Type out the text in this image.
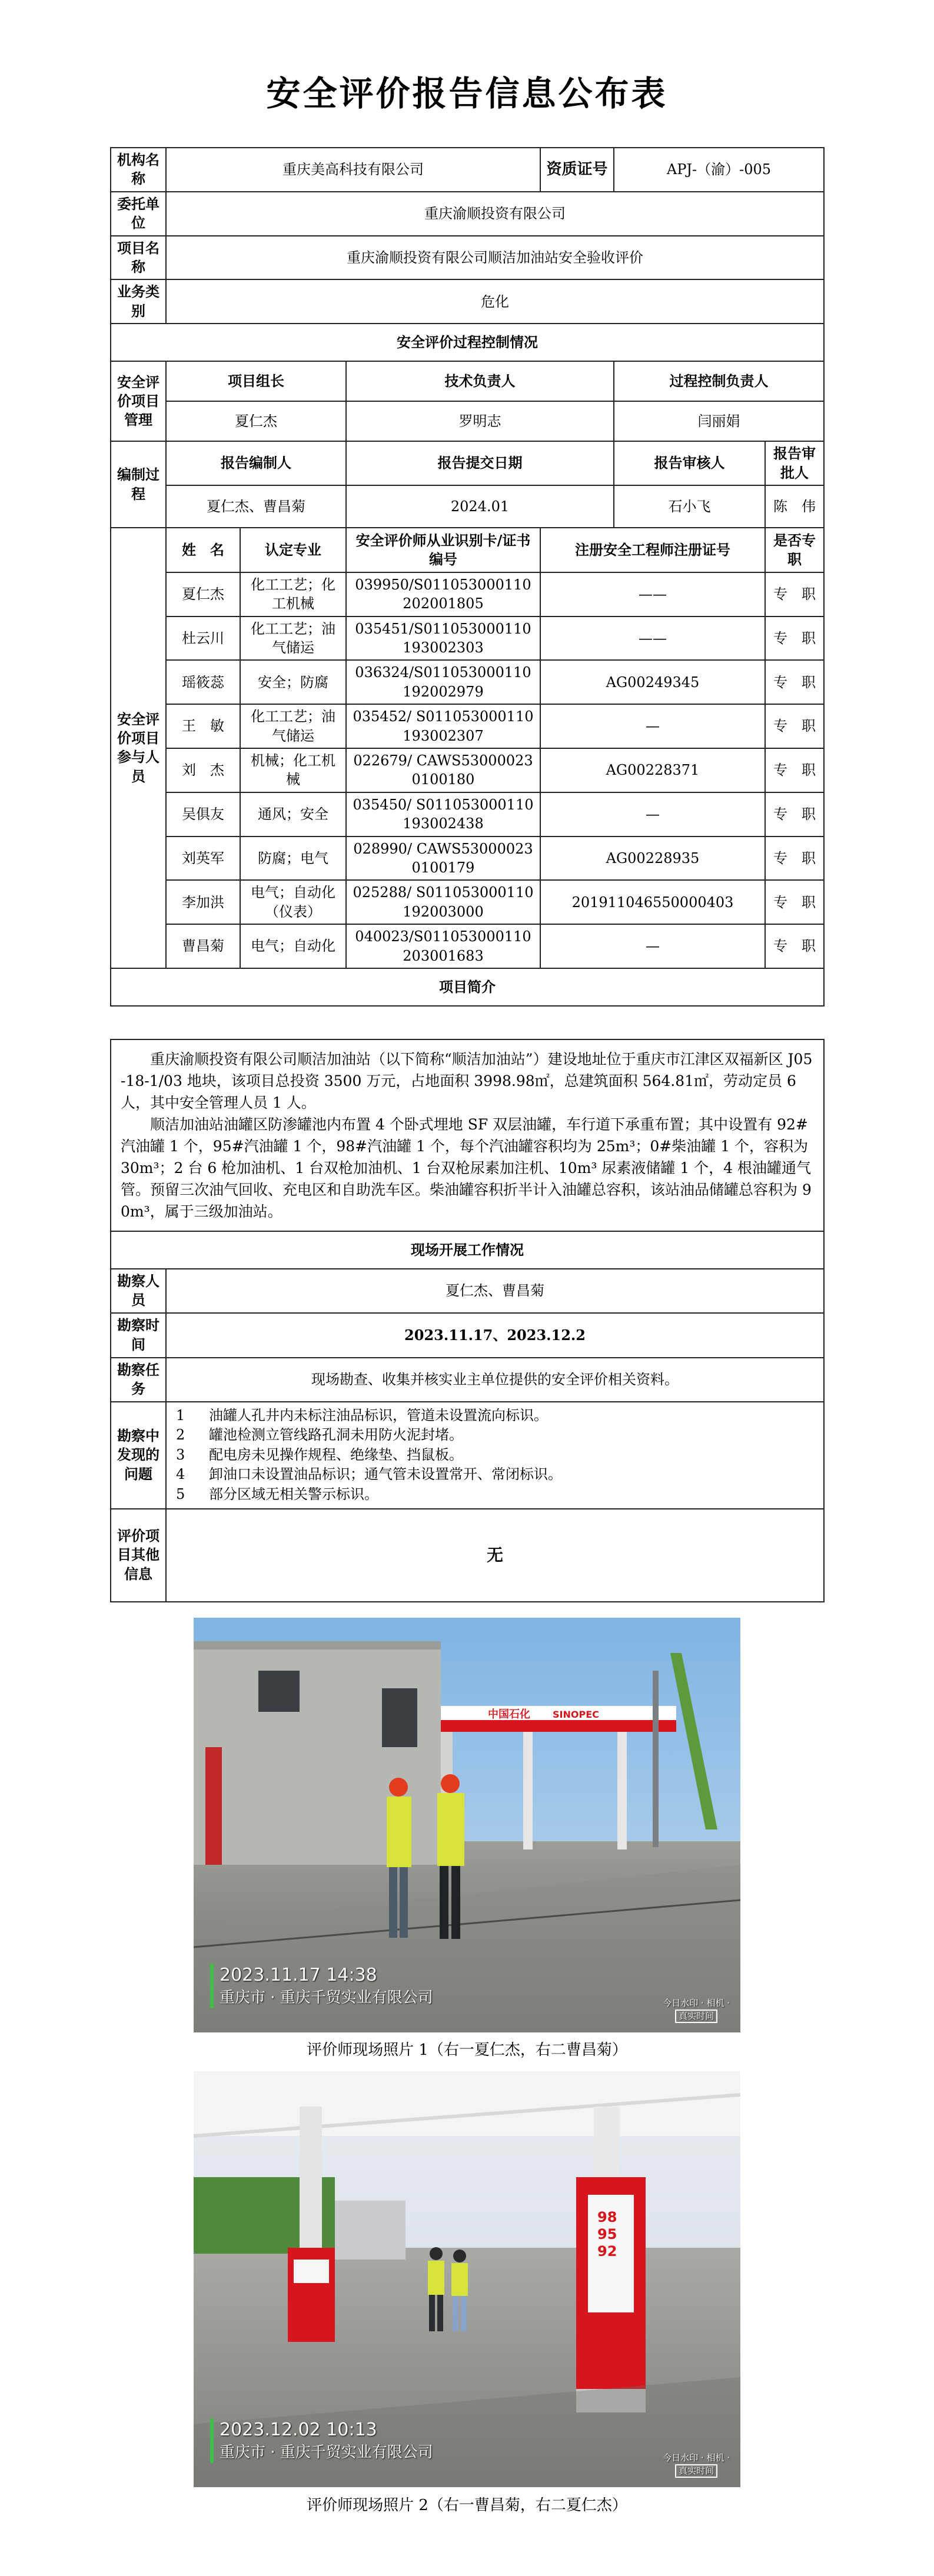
安全评价报告信息公布表
机构名称	重庆美高科技有限公司			资质证号	APJ-（渝）-005	
委托单位	重庆渝顺投资有限公司					
项目名称	重庆渝顺投资有限公司顺洁加油站安全验收评价					
业务类别	危化					
安全评价过程控制情况						
安全评价项目管理	项目组长		技术负责人		过程控制负责人	
	夏仁杰		罗明志		闫丽娟	
编制过程	报告编制人		报告提交日期		报告审核人	报告审批人
	夏仁杰、曹昌菊		2024.01		石小飞	陈　伟
安全评价项目参与人员	姓　名	认定专业	安全评价师从业识别卡/证书编号	注册安全工程师注册证号		是否专职
	夏仁杰	化工工艺；化工机械	039950/S011053000110202001805	——		专　职
	杜云川	化工工艺；油气储运	035451/S011053000110193002303	——		专　职
	瑶筱蕊	安全；防腐	036324/S011053000110192002979	AG00249345		专　职
	王　敏	化工工艺；油气储运	035452/ S011053000110193002307	—		专　职
	刘　杰	机械；化工机械	022679/ CAWS530000230100180	AG00228371		专　职
	吴俱友	通风；安全	035450/ S011053000110193002438	—		专　职
	刘英军	防腐；电气	028990/ CAWS530000230100179	AG00228935		专　职
	李加洪	电气；自动化（仪表）	025288/ S011053000110192003000	201911046550000403		专　职
	曹昌菊	电气；自动化	040023/S011053000110203001683	—		专　职
项目简介						

重庆渝顺投资有限公司顺洁加油站（以下简称“顺洁加油站”）建设地址位于重庆市江津区双福新区 J05-18-1/03 地块，该项目总投资 3500 万元，占地面积 3998.98㎡，总建筑面积 564.81㎡，劳动定员 6 人，其中安全管理人员 1 人。

顺洁加油站油罐区防渗罐池内布置 4 个卧式埋地 SF 双层油罐，车行道下承重布置；其中设置有 92#汽油罐 1 个，95#汽油罐 1 个，98#汽油罐 1 个，每个汽油罐容积均为 25m³；0#柴油罐 1 个，容积为 30m³；2 台 6 枪加油机、1 台双枪加油机、1 台双枪尿素加注机、10m³ 尿素液储罐 1 个，4 根油罐通气管。预留三次油气回收、充电区和自助洗车区。柴油罐容积折半计入油罐总容积，该站油品储罐总容积为 90m³，属于三级加油站。	

现场开展工作情况	
勘察人员	夏仁杰、曹昌菊
勘察时间	2023.11.17、2023.12.2
勘察任务	现场勘查、收集并核实业主单位提供的安全评价相关资料。
勘察中发现的问题	1 油罐人孔井内未标注油品标识，管道未设置流向标识。
2 罐池检测立管线路孔洞未用防火泥封堵。
3 配电房未见操作规程、绝缘垫、挡鼠板。
4 卸油口未设置油品标识；通气管未设置常开、常闭标识。
5 部分区域无相关警示标识。

评价项目其他信息	无
中国石化 SINOPEC
2023.11.17 14:38
重庆市 · 重庆千贸实业有限公司	今日水印 · 相机 ·
真实时间
评价师现场照片 1（右一夏仁杰，右二曹昌菊）
98
95
92
2023.12.02 10:13
重庆市 · 重庆千贸实业有限公司	今日水印 · 相机 ·
真实时间
评价师现场照片 2（右一曹昌菊，右二夏仁杰）
